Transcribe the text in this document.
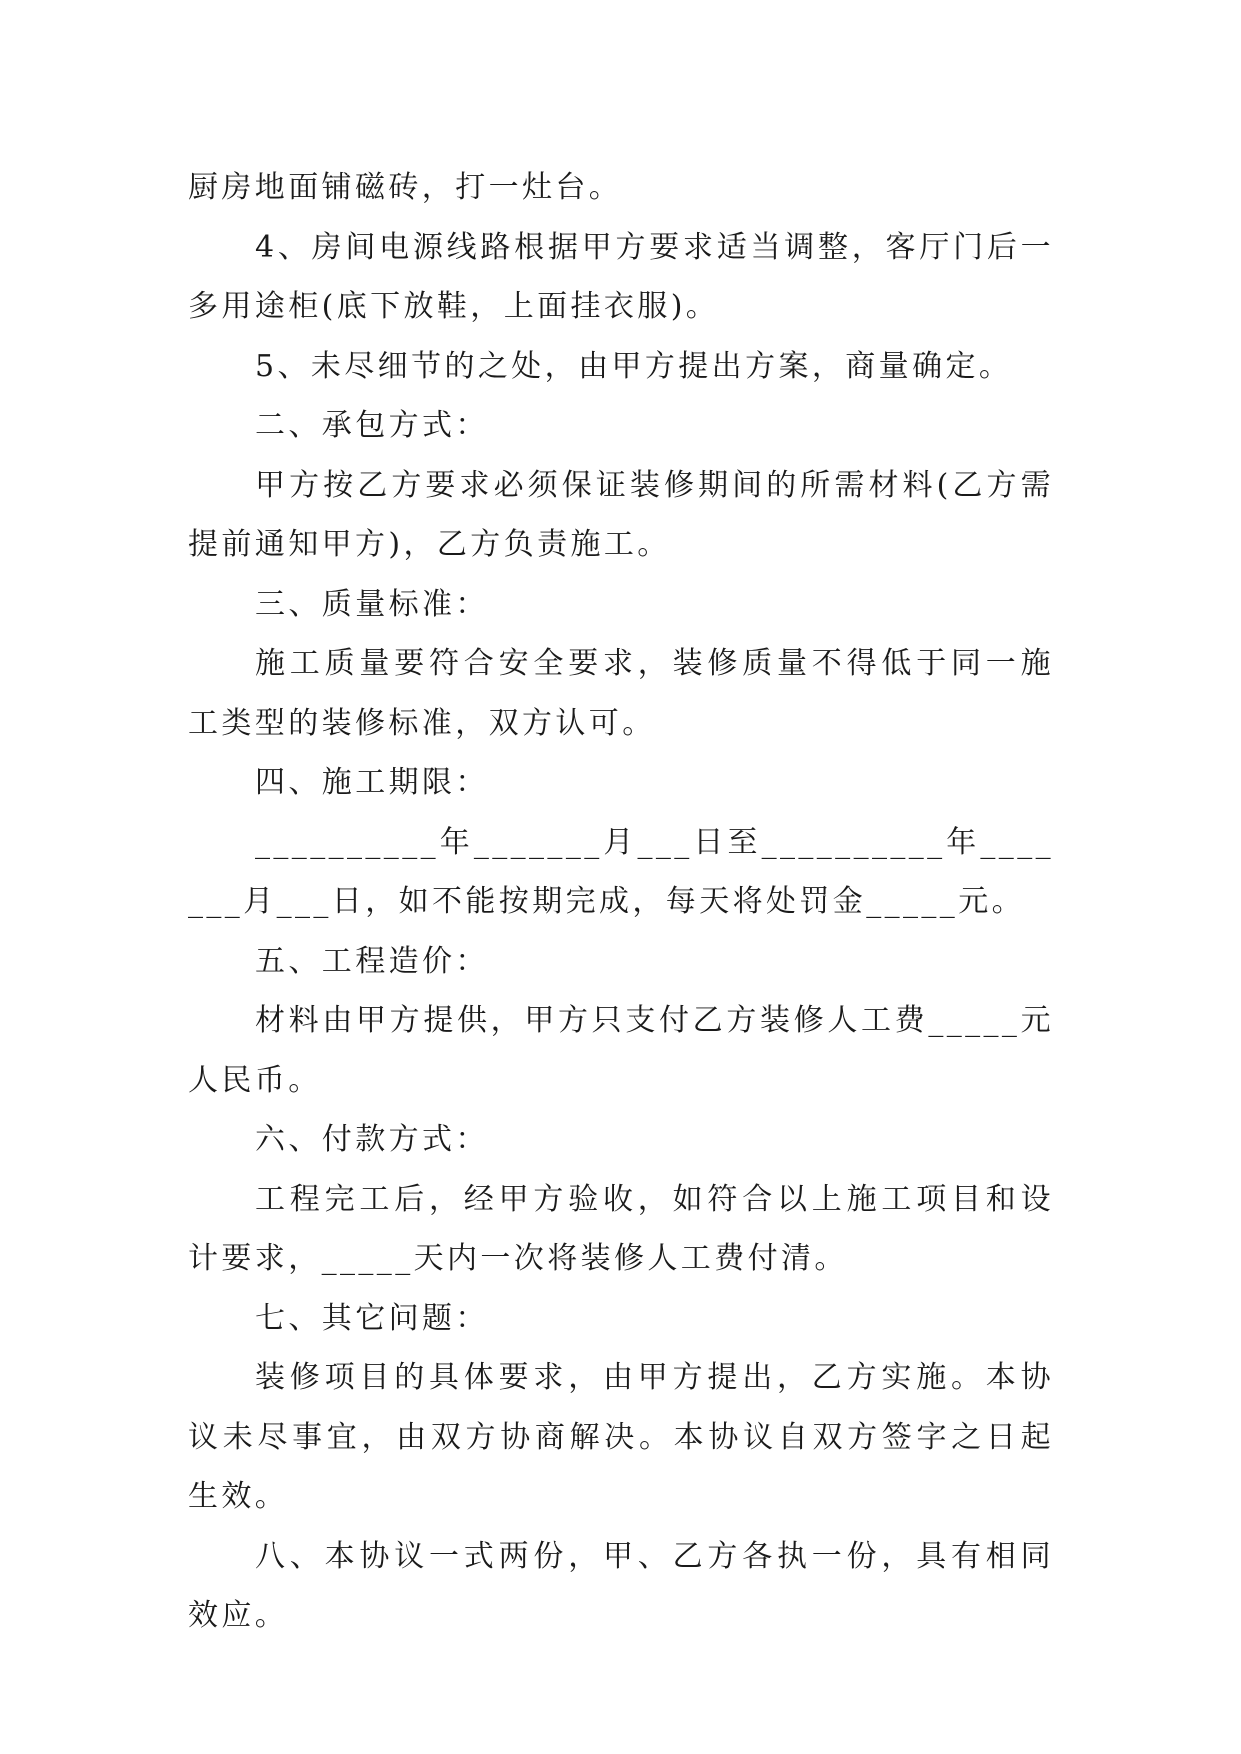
厨房地面铺磁砖，打一灶台。

4、房间电源线路根据甲方要求适当调整，客厅门后一多用途柜(底下放鞋，上面挂衣服)。

5、未尽细节的之处，由甲方提出方案，商量确定。

二、承包方式：

甲方按乙方要求必须保证装修期间的所需材料(乙方需提前通知甲方)，乙方负责施工。

三、质量标准：

施工质量要符合安全要求，装修质量不得低于同一施工类型的装修标准，双方认可。

四、施工期限：

__________年_______月___日至__________年_______月___日，如不能按期完成，每天将处罚金_____元。

五、工程造价：

材料由甲方提供，甲方只支付乙方装修人工费_____元人民币。

六、付款方式：

工程完工后，经甲方验收，如符合以上施工项目和设计要求，_____天内一次将装修人工费付清。

七、其它问题：

装修项目的具体要求，由甲方提出，乙方实施。本协议未尽事宜，由双方协商解决。本协议自双方签字之日起生效。

八、本协议一式两份，甲、乙方各执一份，具有相同效应。
